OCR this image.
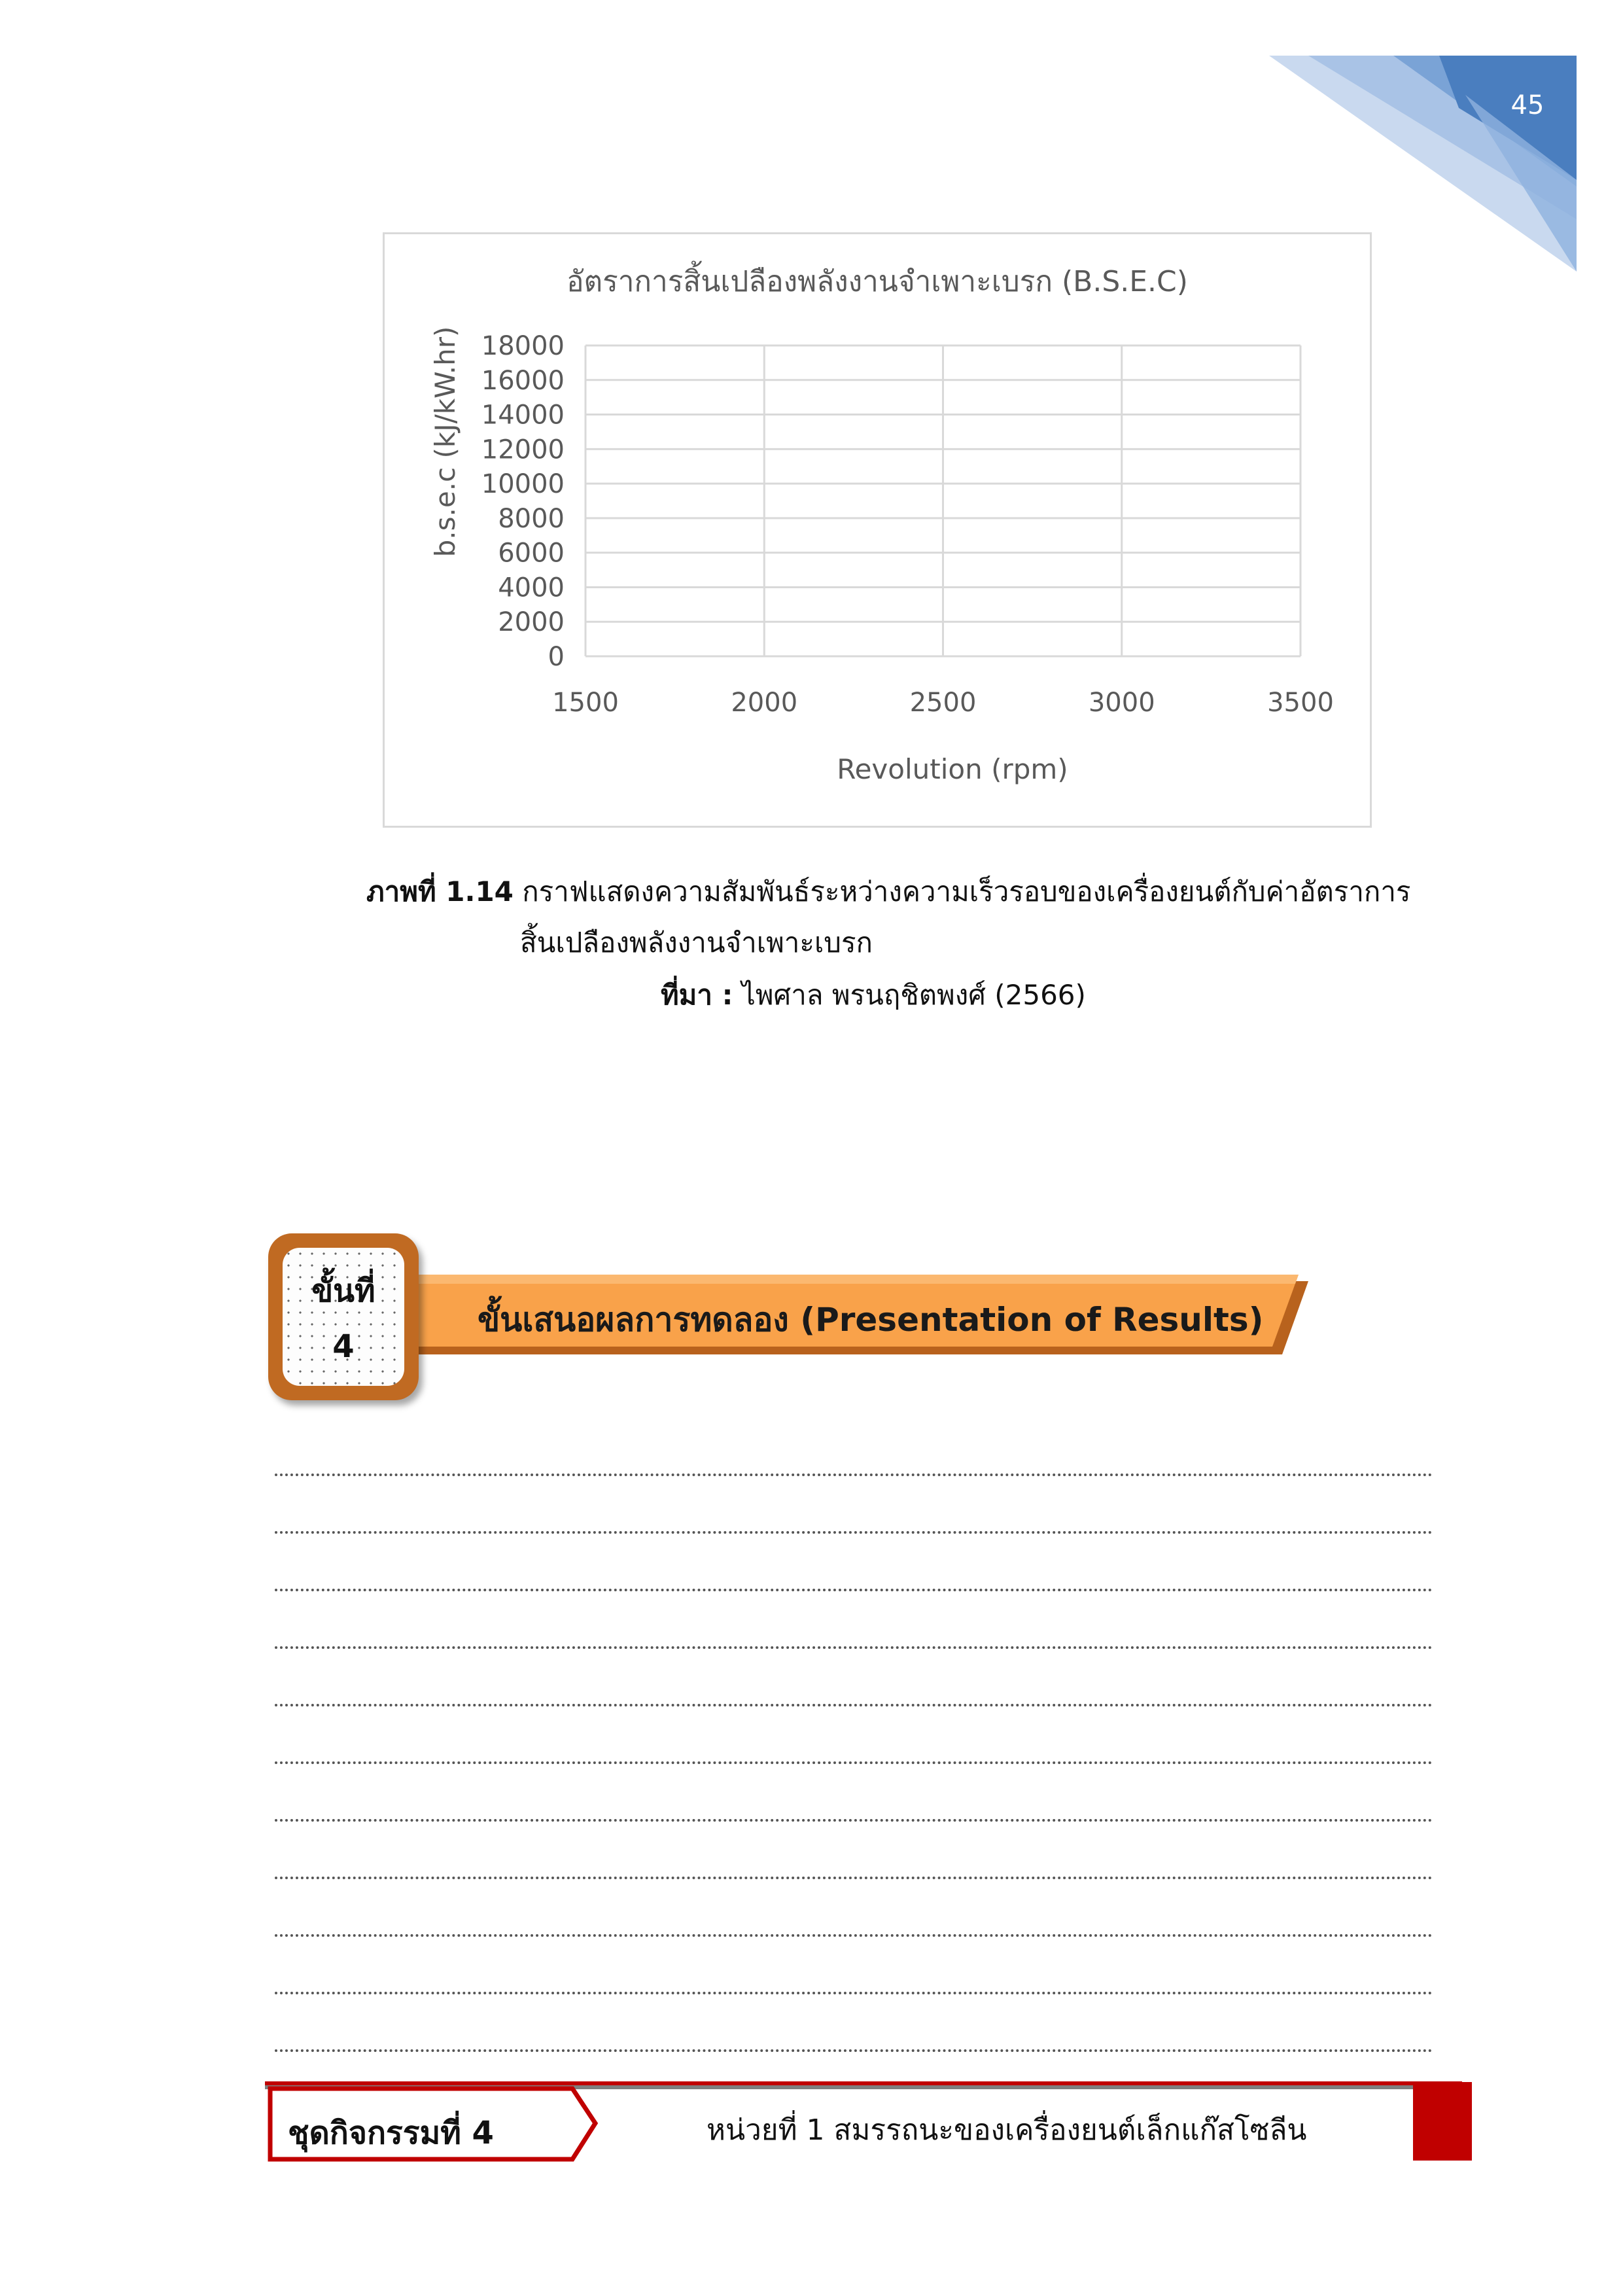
45
อัตราการสิ้นเปลืองพลังงานจำเพาะเบรก (B.S.E.C)
0
2000
4000
6000
8000
10000
12000
14000
16000
18000
1500	2000	2500	3000	3500
Revolution (rpm)
b.s.e.c (kJ/kW.hr)
ภาพที่ 1.14 กราฟแสดงความสัมพันธ์ระหว่างความเร็วรอบของเครื่องยนต์กับค่าอัตราการ
สิ้นเปลืองพลังงานจำเพาะเบรก
ที่มา : ไพศาล พรนฤชิตพงศ์ (2566)
ขั้นที่
4
ขั้นเสนอผลการทดลอง (Presentation of Results)
ชุดกิจกรรมที่ 4	หน่วยที่ 1 สมรรถนะของเครื่องยนต์เล็กแก๊สโซลีน
